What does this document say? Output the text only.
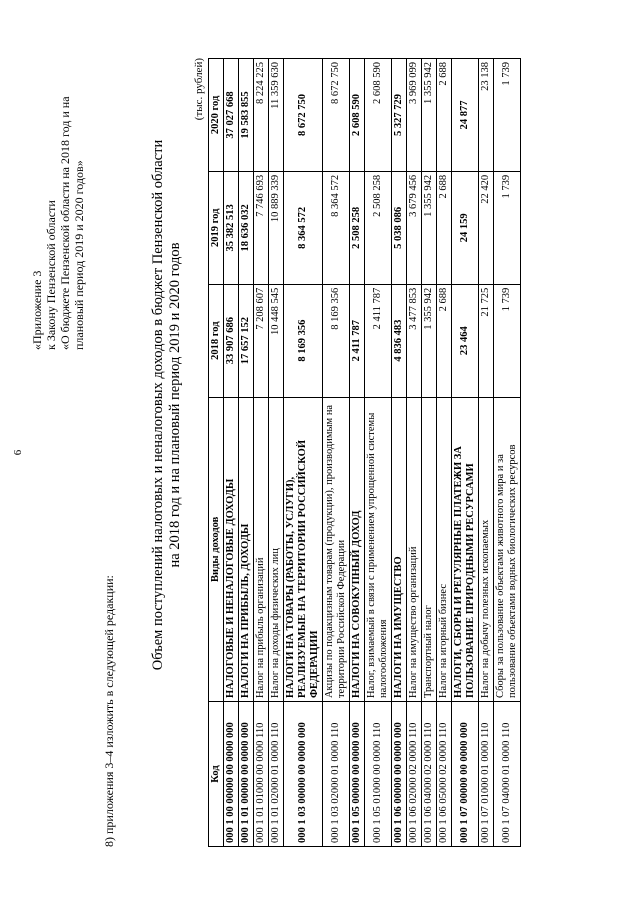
6
8) приложения 3–4 изложить в следующей редакции:
«Приложение 3 к Закону Пензенской области «О бюджете Пензенской области на 2018 год и на плановый период 2019 и 2020 годов»	Объем поступлений налоговых и неналоговых доходов в бюджет Пензенской области на 2018 год и на плановый период 2019 и 2020 годов
(тыс. рублей)
Код	Виды доходов	2018 год	2019 год	2020 год
000 1 00 00000 00 0000 000	НАЛОГОВЫЕ И НЕНАЛОГОВЫЕ ДОХОДЫ	33 907 686	35 382 513	37 027 668
000 1 01 00000 00 0000 000	НАЛОГИ НА ПРИБЫЛЬ, ДОХОДЫ	17 657 152	18 636 032	19 583 855
000 1 01 01000 00 0000 110	Налог на прибыль организаций	7 208 607	7 746 693	8 224 225
000 1 01 02000 01 0000 110	Налог на доходы физических лиц	10 448 545	10 889 339	11 359 630
000 1 03 00000 00 0000 000	НАЛОГИ НА ТОВАРЫ (РАБОТЫ, УСЛУГИ), РЕАЛИЗУЕМЫЕ НА ТЕРРИТОРИИ РОССИЙСКОЙ ФЕДЕРАЦИИ	8 169 356	8 364 572	8 672 750
000 1 03 02000 01 0000 110	Акцизы по подакцизным товарам (продукции), производимым на территории Российской Федерации	8 169 356	8 364 572	8 672 750
000 1 05 00000 00 0000 000	НАЛОГИ НА СОВОКУПНЫЙ ДОХОД	2 411 787	2 508 258	2 608 590
000 1 05 01000 00 0000 110	Налог, взимаемый в связи с применением упрощенной системы налогообложения	2 411 787	2 508 258	2 608 590
000 1 06 00000 00 0000 000	НАЛОГИ НА ИМУЩЕСТВО	4 836 483	5 038 086	5 327 729
000 1 06 02000 02 0000 110	Налог на имущество организаций	3 477 853	3 679 456	3 969 099
000 1 06 04000 02 0000 110	Транспортный налог	1 355 942	1 355 942	1 355 942
000 1 06 05000 02 0000 110	Налог на игорный бизнес	2 688	2 688	2 688
000 1 07 00000 00 0000 000	НАЛОГИ, СБОРЫ И РЕГУЛЯРНЫЕ ПЛАТЕЖИ ЗА ПОЛЬЗОВАНИЕ ПРИРОДНЫМИ РЕСУРСАМИ	23 464	24 159	24 877
000 1 07 01000 01 0000 110	Налог на добычу полезных ископаемых	21 725	22 420	23 138
000 1 07 04000 01 0000 110	Сборы за пользование объектами животного мира и за пользование объектами водных биологических ресурсов	1 739	1 739	1 739
